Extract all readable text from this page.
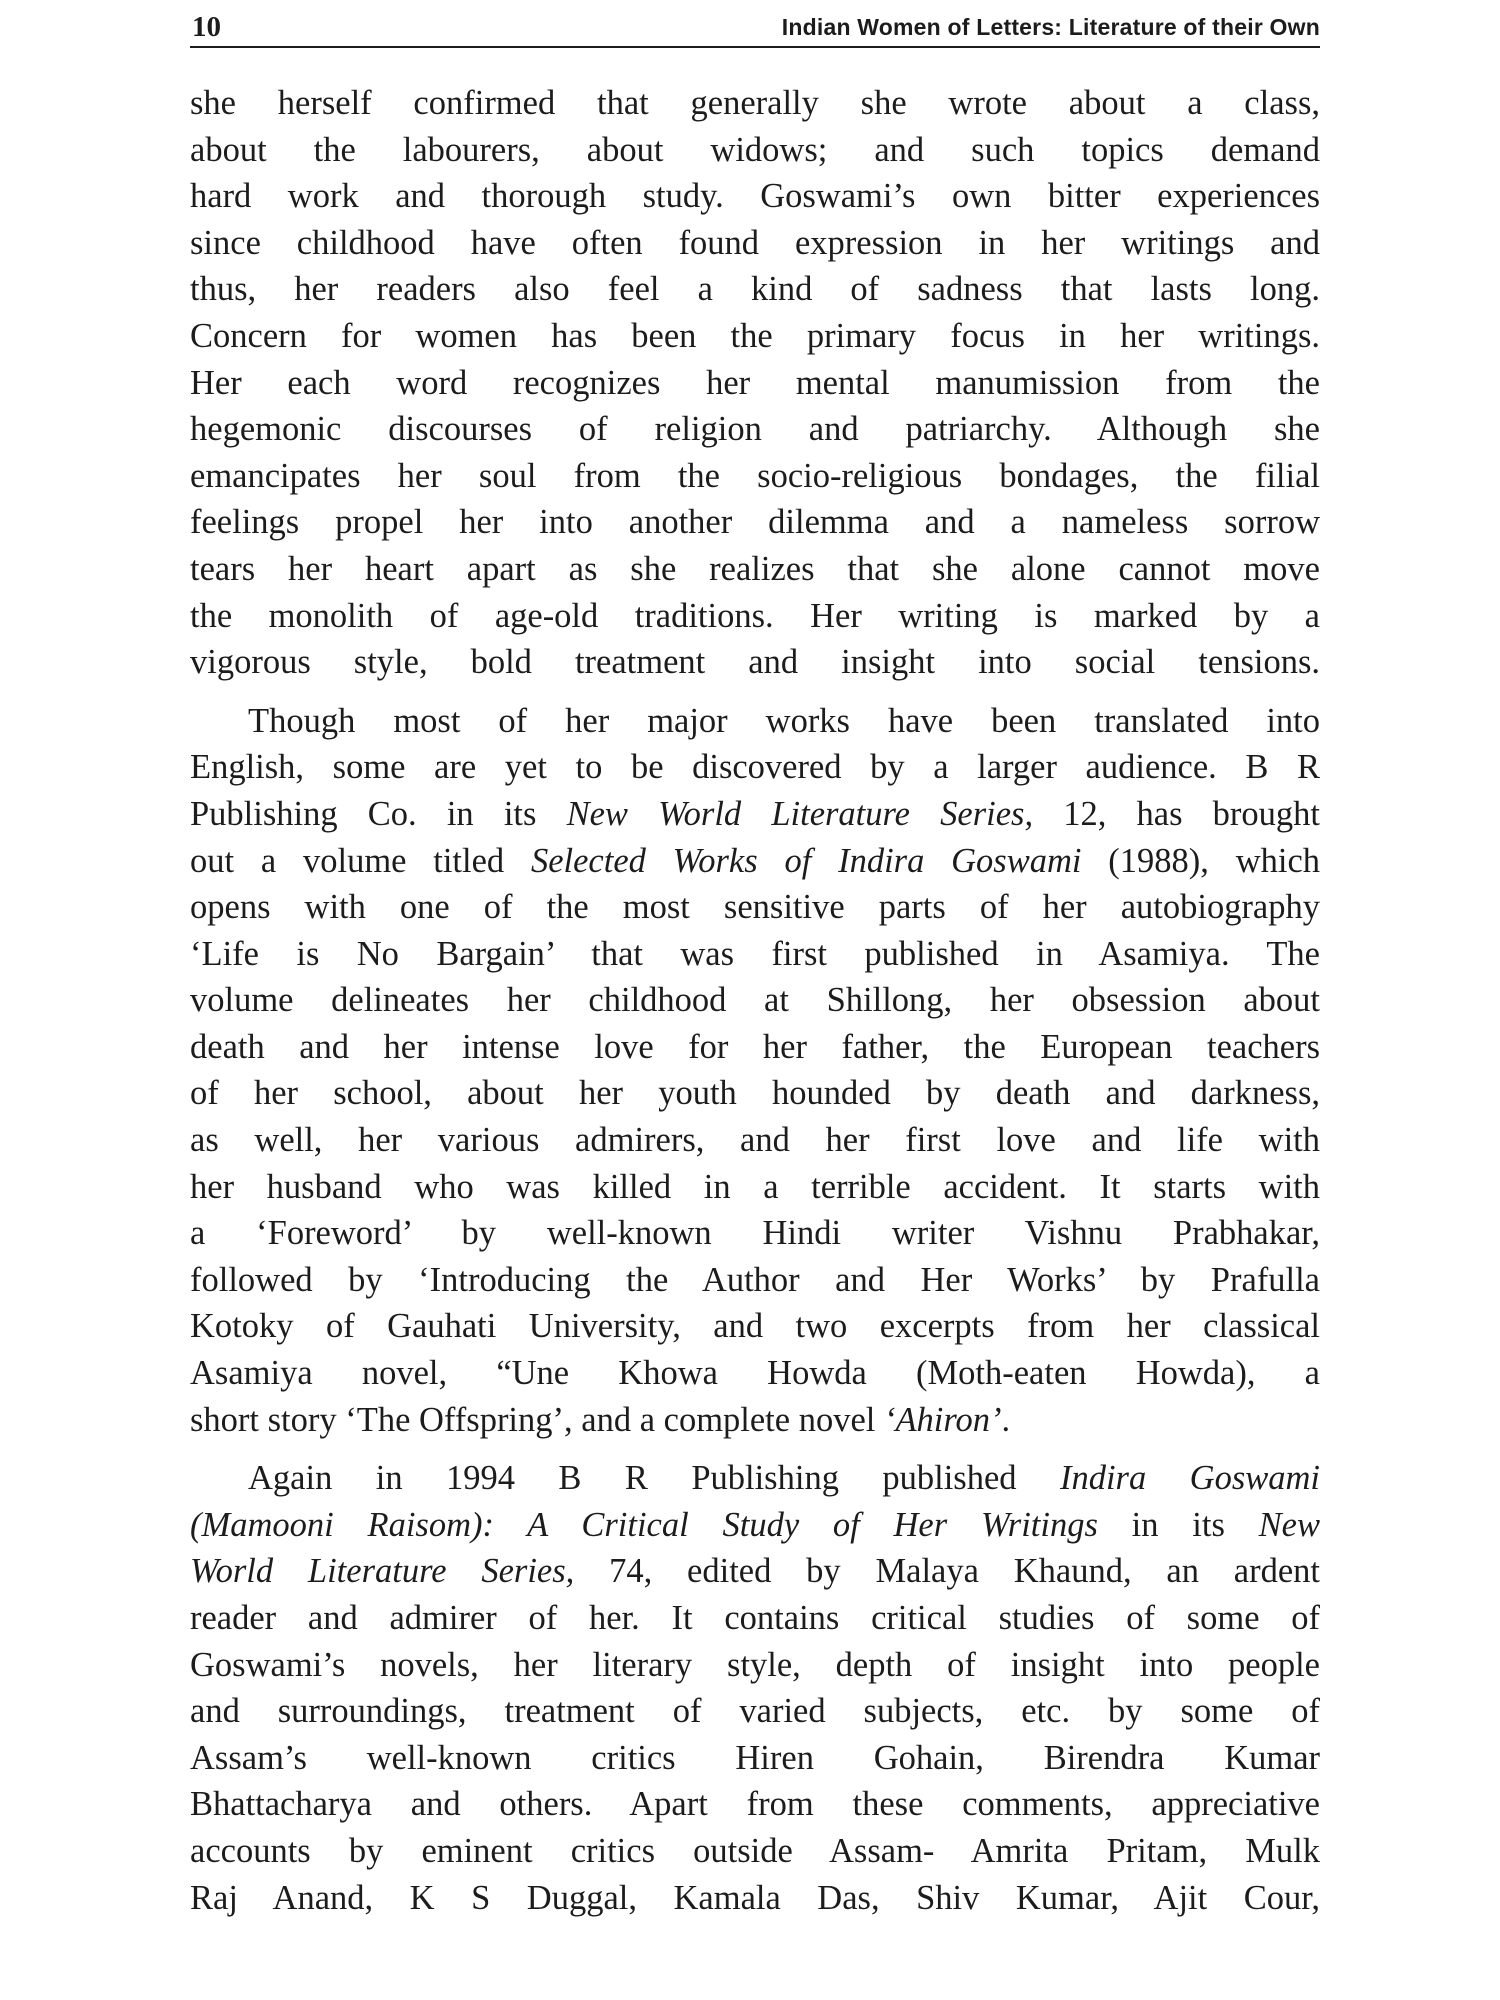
10	Indian Women of Letters: Literature of their Own

she herself confirmed that generally she wrote about a class,
about the labourers, about widows; and such topics demand
hard work and thorough study. Goswami’s own bitter experiences
since childhood have often found expression in her writings and
thus, her readers also feel a kind of sadness that lasts long.
Concern for women has been the primary focus in her writings.
Her each word recognizes her mental manumission from the
hegemonic discourses of religion and patriarchy. Although she
emancipates her soul from the socio-religious bondages, the filial
feelings propel her into another dilemma and a nameless sorrow
tears her heart apart as she realizes that she alone cannot move
the monolith of age-old traditions. Her writing is marked by a
vigorous style, bold treatment and insight into social tensions.

Though most of her major works have been translated into
English, some are yet to be discovered by a larger audience. B R
Publishing Co. in its New World Literature Series, 12, has brought
out a volume titled Selected Works of Indira Goswami (1988), which
opens with one of the most sensitive parts of her autobiography
‘Life is No Bargain’ that was first published in Asamiya. The
volume delineates her childhood at Shillong, her obsession about
death and her intense love for her father, the European teachers
of her school, about her youth hounded by death and darkness,
as well, her various admirers, and her first love and life with
her husband who was killed in a terrible accident. It starts with
a ‘Foreword’ by well-known Hindi writer Vishnu Prabhakar,
followed by ‘Introducing the Author and Her Works’ by Prafulla
Kotoky of Gauhati University, and two excerpts from her classical
Asamiya novel, “Une Khowa Howda (Moth-eaten Howda), a
short story ‘The Offspring’, and a complete novel ‘Ahiron’.

Again in 1994 B R Publishing published Indira Goswami
(Mamooni Raisom): A Critical Study of Her Writings in its New
World Literature Series, 74, edited by Malaya Khaund, an ardent
reader and admirer of her. It contains critical studies of some of
Goswami’s novels, her literary style, depth of insight into people
and surroundings, treatment of varied subjects, etc. by some of
Assam’s well-known critics Hiren Gohain, Birendra Kumar
Bhattacharya and others. Apart from these comments, appreciative
accounts by eminent critics outside Assam- Amrita Pritam, Mulk
Raj Anand, K S Duggal, Kamala Das, Shiv Kumar, Ajit Cour,
